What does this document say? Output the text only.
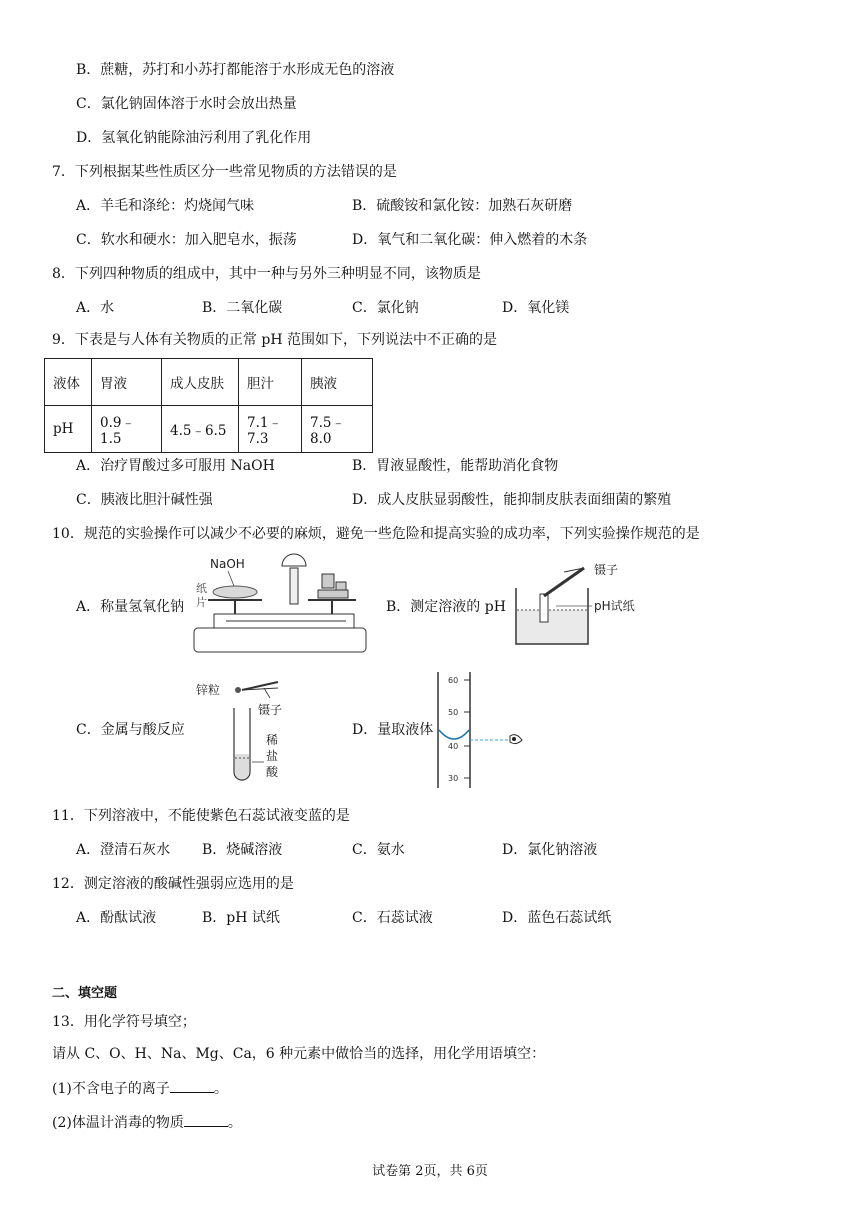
B．蔗糖，苏打和小苏打都能溶于水形成无色的溶液
C．氯化钠固体溶于水时会放出热量
D．氢氧化钠能除油污利用了乳化作用
7．下列根据某些性质区分一些常见物质的方法错误的是
A．羊毛和涤纶：灼烧闻气味	B．硫酸铵和氯化铵：加熟石灰研磨
C．软水和硬水：加入肥皂水，振荡	D．氧气和二氧化碳：伸入燃着的木条
8．下列四种物质的组成中，其中一种与另外三种明显不同，该物质是
A．水	B．二氧化碳	C．氯化钠	D．氧化镁
9．下表是与人体有关物质的正常 pH 范围如下，下列说法中不正确的是
液体	胃液	成人皮肤	胆汁	胰液
pH	0.9﹣1.5	4.5﹣6.5	7.1﹣7.3	7.5﹣8.0
A．治疗胃酸过多可服用 NaOH	B．胃液显酸性，能帮助消化食物
C．胰液比胆汁碱性强	D．成人皮肤显弱酸性，能抑制皮肤表面细菌的繁殖
10．规范的实验操作可以减少不必要的麻烦，避免一些危险和提高实验的成功率，下列实验操作规范的是
A．称量氢氧化钠	B．测定溶液的 pH
C．金属与酸反应	D．量取液体
NaOH
纸
片
镊子
pH试纸
锌粒
镊子
稀
盐
酸
60
50
40
30
11．下列溶液中，不能使紫色石蕊试液变蓝的是
A．澄清石灰水 B．烧碱溶液	C．氨水	D．氯化钠溶液
12．测定溶液的酸碱性强弱应选用的是
A．酚酞试液	B．pH 试纸	C．石蕊试液	D．蓝色石蕊试纸
二、填空题
13．用化学符号填空；
请从 C、O、H、Na、Mg、Ca，6 种元素中做恰当的选择，用化学用语填空：
(1)不含电子的离子	。
(2)体温计消毒的物质	。
试卷第 2页，共 6页
